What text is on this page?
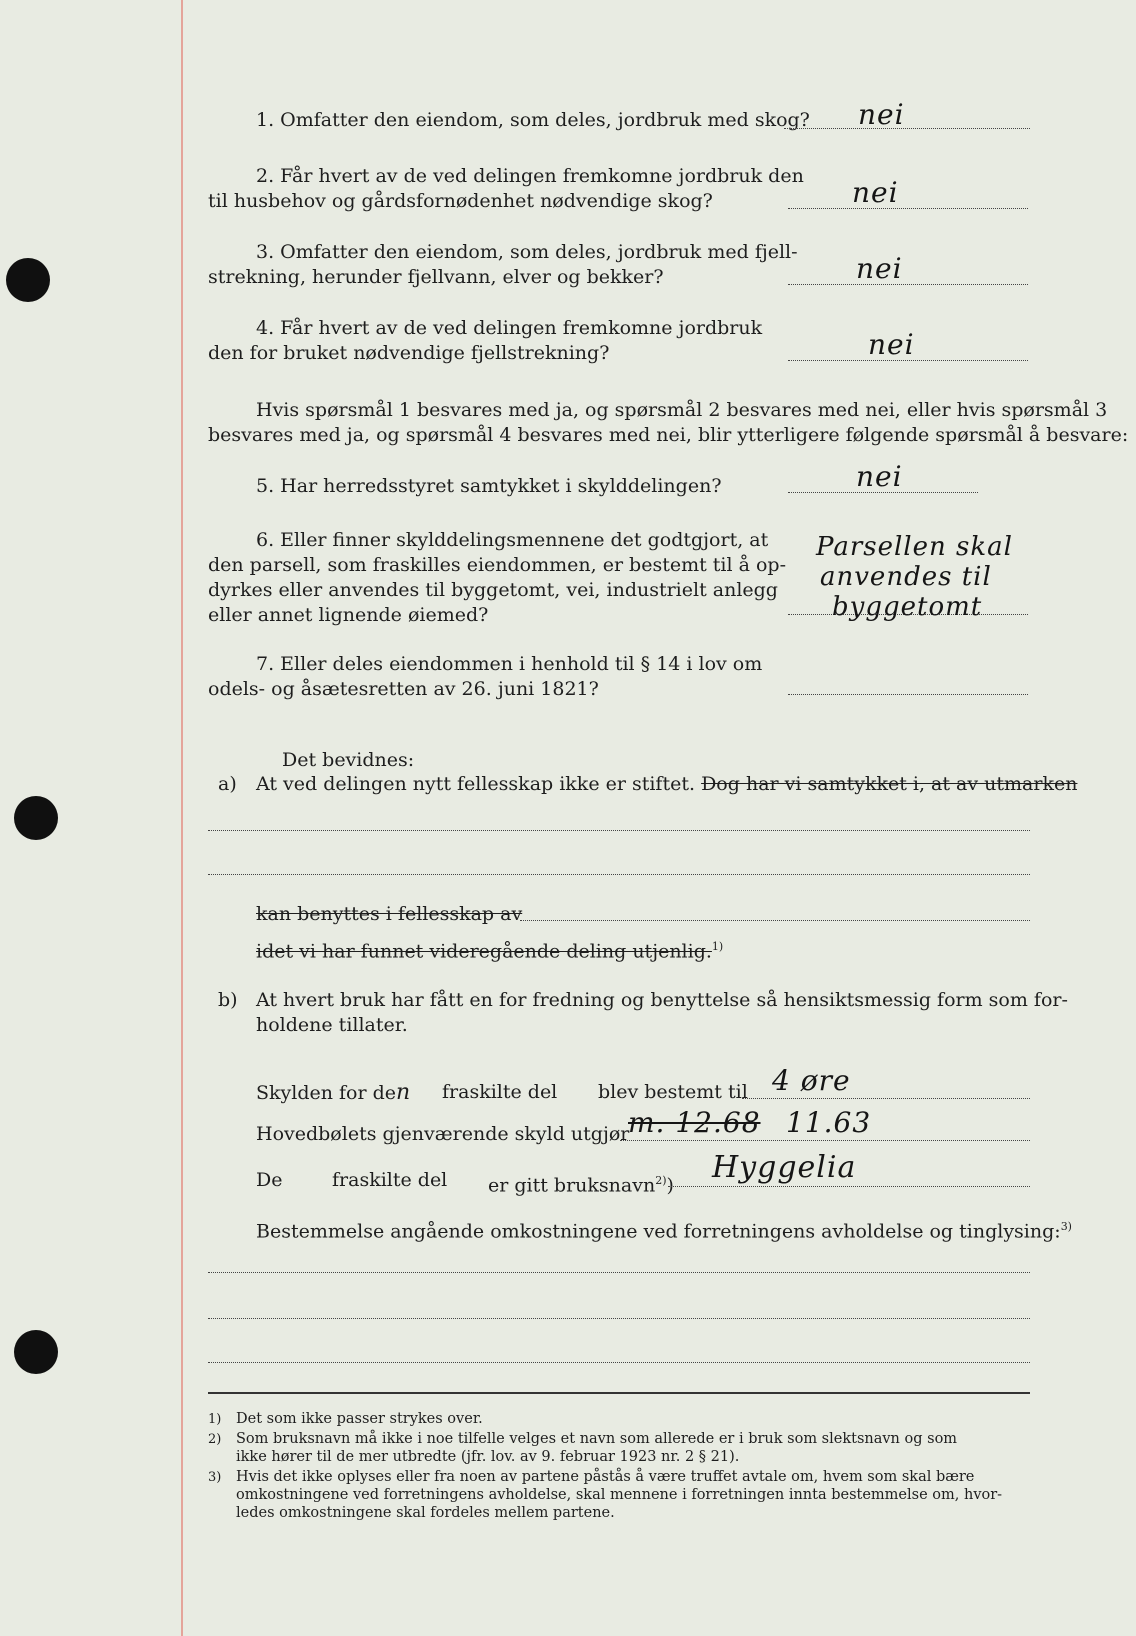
1. Omfatter den eiendom, som deles, jordbruk med skog? nei
2. Får hvert av de ved delingen fremkomne jordbruk den
til husbehov og gårdsfornødenhet nødvendige skog?	nei
3. Omfatter den eiendom, som deles, jordbruk med fjell-
strekning, herunder fjellvann, elver og bekker?	nei
4. Får hvert av de ved delingen fremkomne jordbruk
den for bruket nødvendige fjellstrekning?	nei
Hvis spørsmål 1 besvares med ja, og spørsmål 2 besvares med nei, eller hvis spørsmål 3
besvares med ja, og spørsmål 4 besvares med nei, blir ytterligere følgende spørsmål å besvare:
5. Har herredsstyret samtykket i skylddelingen?	nei
6. Eller finner skylddelingsmennene det godtgjort, at
den parsell, som fraskilles eiendommen, er bestemt til å op-
dyrkes eller anvendes til byggetomt, vei, industrielt anlegg
eller annet lignende øiemed?
Parsellen skal
anvendes til
byggetomt
7. Eller deles eiendommen i henhold til § 14 i lov om
odels- og åsætesretten av 26. juni 1821?
Det bevidnes:
a) At ved delingen nytt fellesskap ikke er stiftet. Dog har vi samtykket i, at av utmarken
kan benyttes i fellesskap av
idet vi har funnet videregående deling utjenlig.$^{1)}$
b) At hvert bruk har fått en for fredning og benyttelse så hensiktsmessig form som for-
holdene tillater.
Skylden for den fraskilte del blev bestemt til 4 øre
Hovedbølets gjenværende skyld utgjør
m. 12.68 11.63
De	fraskilte del er gitt bruksnavn$^{2)}$)
Hyggelia
Bestemmelse angående omkostningene ved forretningens avholdelse og tinglysing:$^{3)}$
1) Det som ikke passer strykes over.
2) Som bruksnavn må ikke i noe tilfelle velges et navn som allerede er i bruk som slektsnavn og som
ikke hører til de mer utbredte (jfr. lov. av 9. februar 1923 nr. 2 § 21).
3) Hvis det ikke oplyses eller fra noen av partene påstås å være truffet avtale om, hvem som skal bære
omkostningene ved forretningens avholdelse, skal mennene i forretningen innta bestemmelse om, hvor-
ledes omkostningene skal fordeles mellem partene.
